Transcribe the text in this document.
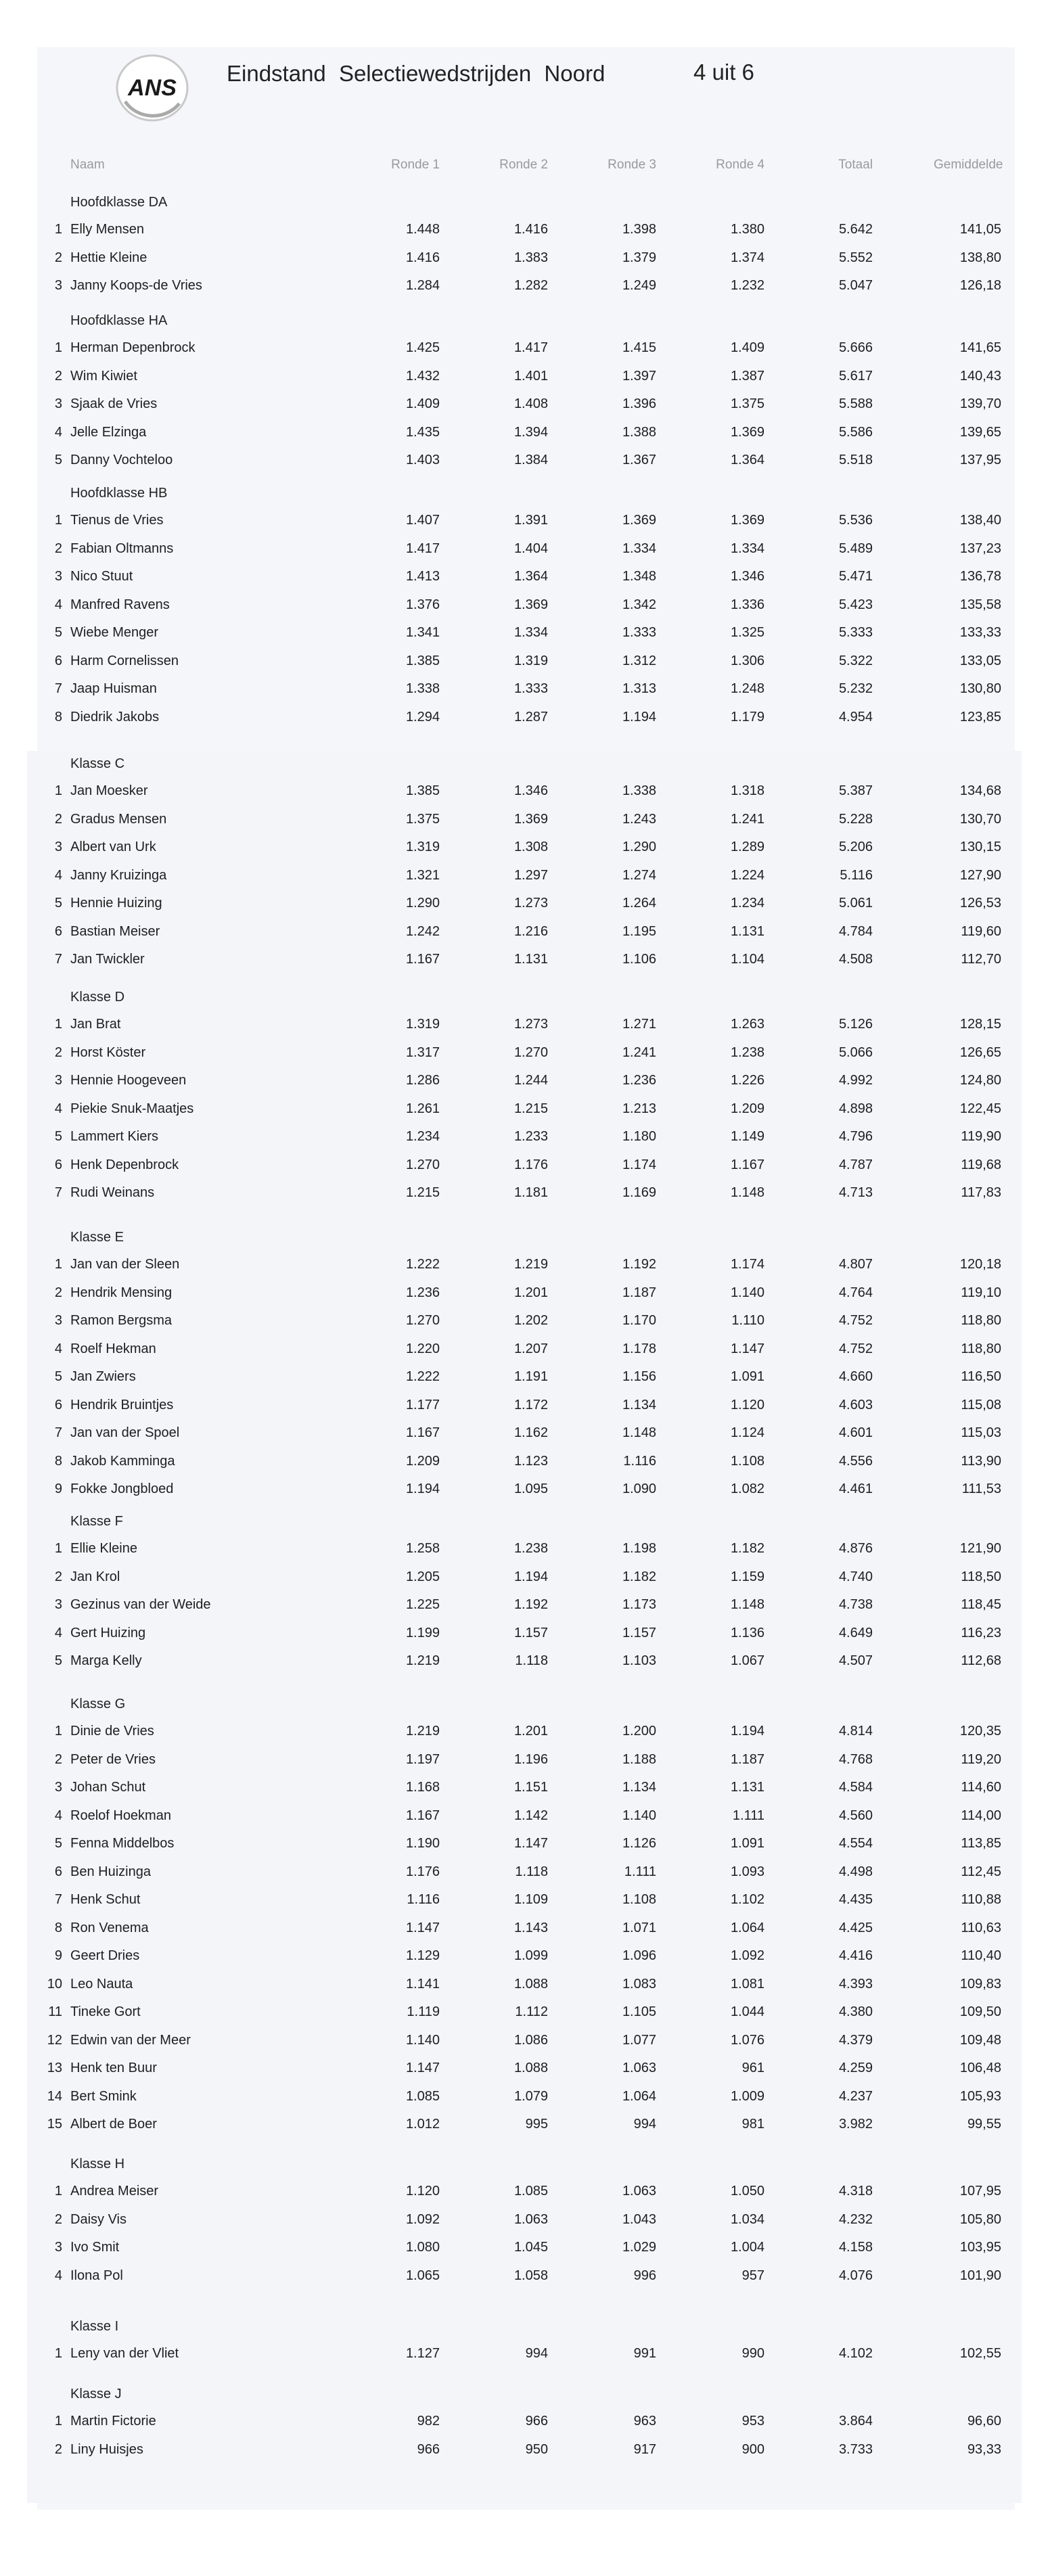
ANS
Eindstand Selectiewedstrijden Noord	4 uit 6
Naam	Ronde 1	Ronde 2	Ronde 3	Ronde 4	Totaal	Gemiddelde
Hoofdklasse DA
1 Elly Mensen	1.448	1.416	1.398	1.380	5.642	141,05
2 Hettie Kleine	1.416	1.383	1.379	1.374	5.552	138,80
3 Janny Koops-de Vries	1.284	1.282	1.249	1.232	5.047	126,18
Hoofdklasse HA
1 Herman Depenbrock	1.425	1.417	1.415	1.409	5.666	141,65
2 Wim Kiwiet	1.432	1.401	1.397	1.387	5.617	140,43
3 Sjaak de Vries	1.409	1.408	1.396	1.375	5.588	139,70
4 Jelle Elzinga	1.435	1.394	1.388	1.369	5.586	139,65
5 Danny Vochteloo	1.403	1.384	1.367	1.364	5.518	137,95
Hoofdklasse HB
1 Tienus de Vries	1.407	1.391	1.369	1.369	5.536	138,40
2 Fabian Oltmanns	1.417	1.404	1.334	1.334	5.489	137,23
3 Nico Stuut	1.413	1.364	1.348	1.346	5.471	136,78
4 Manfred Ravens	1.376	1.369	1.342	1.336	5.423	135,58
5 Wiebe Menger	1.341	1.334	1.333	1.325	5.333	133,33
6 Harm Cornelissen	1.385	1.319	1.312	1.306	5.322	133,05
7 Jaap Huisman	1.338	1.333	1.313	1.248	5.232	130,80
8 Diedrik Jakobs	1.294	1.287	1.194	1.179	4.954	123,85
Klasse C
1 Jan Moesker	1.385	1.346	1.338	1.318	5.387	134,68
2 Gradus Mensen	1.375	1.369	1.243	1.241	5.228	130,70
3 Albert van Urk	1.319	1.308	1.290	1.289	5.206	130,15
4 Janny Kruizinga	1.321	1.297	1.274	1.224	5.116	127,90
5 Hennie Huizing	1.290	1.273	1.264	1.234	5.061	126,53
6 Bastian Meiser	1.242	1.216	1.195	1.131	4.784	119,60
7 Jan Twickler	1.167	1.131	1.106	1.104	4.508	112,70
Klasse D
1 Jan Brat	1.319	1.273	1.271	1.263	5.126	128,15
2 Horst Köster	1.317	1.270	1.241	1.238	5.066	126,65
3 Hennie Hoogeveen	1.286	1.244	1.236	1.226	4.992	124,80
4 Piekie Snuk-Maatjes	1.261	1.215	1.213	1.209	4.898	122,45
5 Lammert Kiers	1.234	1.233	1.180	1.149	4.796	119,90
6 Henk Depenbrock	1.270	1.176	1.174	1.167	4.787	119,68
7 Rudi Weinans	1.215	1.181	1.169	1.148	4.713	117,83
Klasse E
1 Jan van der Sleen	1.222	1.219	1.192	1.174	4.807	120,18
2 Hendrik Mensing	1.236	1.201	1.187	1.140	4.764	119,10
3 Ramon Bergsma	1.270	1.202	1.170	1.110	4.752	118,80
4 Roelf Hekman	1.220	1.207	1.178	1.147	4.752	118,80
5 Jan Zwiers	1.222	1.191	1.156	1.091	4.660	116,50
6 Hendrik Bruintjes	1.177	1.172	1.134	1.120	4.603	115,08
7 Jan van der Spoel	1.167	1.162	1.148	1.124	4.601	115,03
8 Jakob Kamminga	1.209	1.123	1.116	1.108	4.556	113,90
9 Fokke Jongbloed	1.194	1.095	1.090	1.082	4.461	111,53
Klasse F
1 Ellie Kleine	1.258	1.238	1.198	1.182	4.876	121,90
2 Jan Krol	1.205	1.194	1.182	1.159	4.740	118,50
3 Gezinus van der Weide	1.225	1.192	1.173	1.148	4.738	118,45
4 Gert Huizing	1.199	1.157	1.157	1.136	4.649	116,23
5 Marga Kelly	1.219	1.118	1.103	1.067	4.507	112,68
Klasse G
1 Dinie de Vries	1.219	1.201	1.200	1.194	4.814	120,35
2 Peter de Vries	1.197	1.196	1.188	1.187	4.768	119,20
3 Johan Schut	1.168	1.151	1.134	1.131	4.584	114,60
4 Roelof Hoekman	1.167	1.142	1.140	1.111	4.560	114,00
5 Fenna Middelbos	1.190	1.147	1.126	1.091	4.554	113,85
6 Ben Huizinga	1.176	1.118	1.111	1.093	4.498	112,45
7 Henk Schut	1.116	1.109	1.108	1.102	4.435	110,88
8 Ron Venema	1.147	1.143	1.071	1.064	4.425	110,63
9 Geert Dries	1.129	1.099	1.096	1.092	4.416	110,40
10 Leo Nauta	1.141	1.088	1.083	1.081	4.393	109,83
11 Tineke Gort	1.119	1.112	1.105	1.044	4.380	109,50
12 Edwin van der Meer	1.140	1.086	1.077	1.076	4.379	109,48
13 Henk ten Buur	1.147	1.088	1.063	961	4.259	106,48
14 Bert Smink	1.085	1.079	1.064	1.009	4.237	105,93
15 Albert de Boer	1.012	995	994	981	3.982	99,55
Klasse H
1 Andrea Meiser	1.120	1.085	1.063	1.050	4.318	107,95
2 Daisy Vis	1.092	1.063	1.043	1.034	4.232	105,80
3 Ivo Smit	1.080	1.045	1.029	1.004	4.158	103,95
4 Ilona Pol	1.065	1.058	996	957	4.076	101,90
Klasse I
1 Leny van der Vliet	1.127	994	991	990	4.102	102,55
Klasse J
1 Martin Fictorie	982	966	963	953	3.864	96,60
2 Liny Huisjes	966	950	917	900	3.733	93,33
